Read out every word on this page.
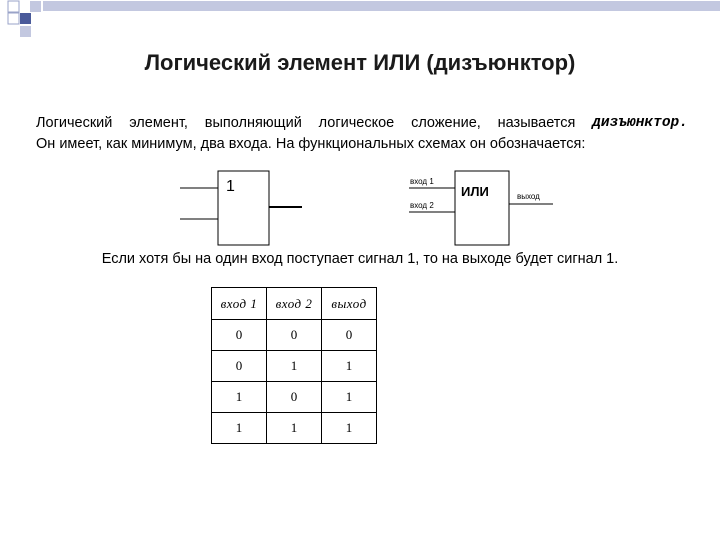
Логический элемент ИЛИ (дизъюнктор)
Логический элемент, выполняющий логическое сложение, называется дизъюнктор.
Он имеет, как минимум, два входа. На функциональных схемах он обозначается:
1	вход 1
вход 2
ИЛИ	выход
Если хотя бы на один вход поступает сигнал 1, то на выходе будет сигнал 1.
вход 1	вход 2	выход
0	0	0
0	1	1
1	0	1
1	1	1
